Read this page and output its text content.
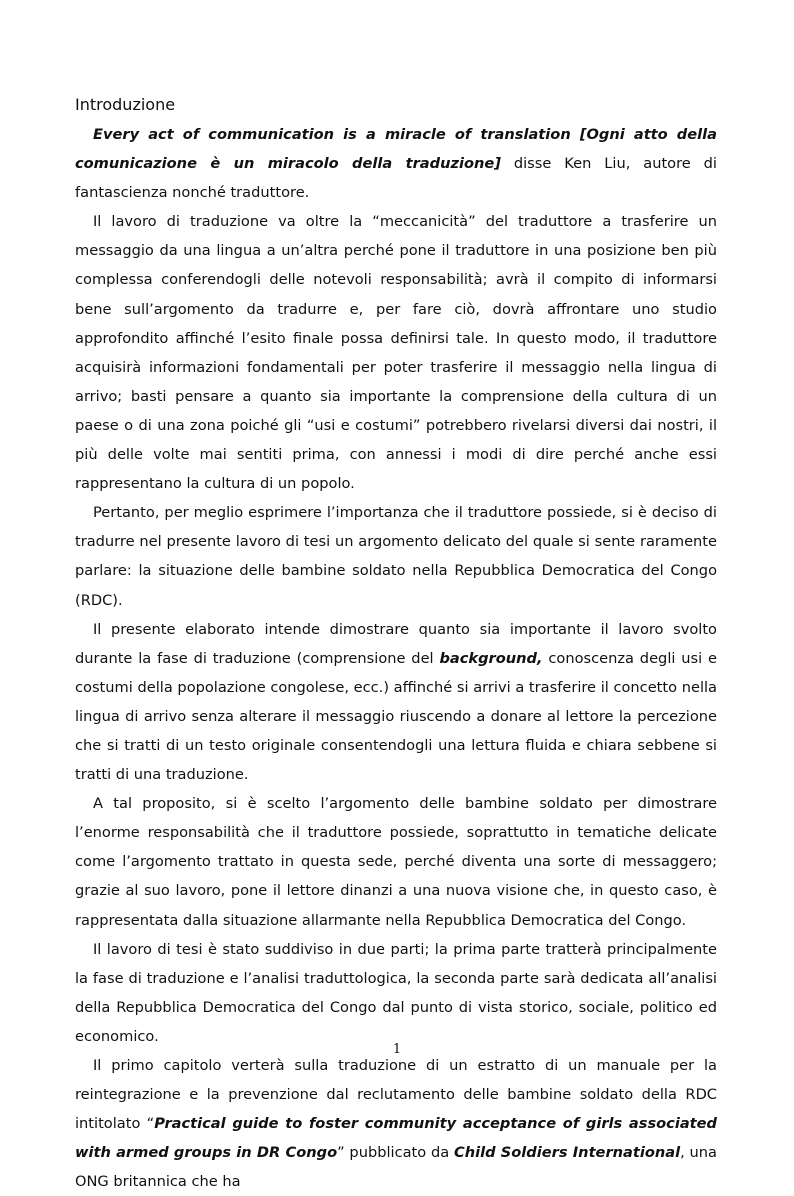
Introduzione

Every act of communication is a miracle of translation [Ogni atto della comunicazione è un miracolo della traduzione] disse Ken Liu, autore di fantascienza nonché traduttore.

Il lavoro di traduzione va oltre la “meccanicità” del traduttore a trasferire un messaggio da una lingua a un’altra perché pone il traduttore in una posizione ben più complessa conferendogli delle notevoli responsabilità; avrà il compito di informarsi bene sull’argomento da tradurre e, per fare ciò, dovrà affrontare uno studio approfondito affinché l’esito finale possa definirsi tale. In questo modo, il traduttore acquisirà informazioni fondamentali per poter trasferire il messaggio nella lingua di arrivo; basti pensare a quanto sia importante la comprensione della cultura di un paese o di una zona poiché gli “usi e costumi” potrebbero rivelarsi diversi dai nostri, il più delle volte mai sentiti prima, con annessi i modi di dire perché anche essi rappresentano la cultura di un popolo.

Pertanto, per meglio esprimere l’importanza che il traduttore possiede, si è deciso di tradurre nel presente lavoro di tesi un argomento delicato del quale si sente raramente parlare: la situazione delle bambine soldato nella Repubblica Democratica del Congo (RDC).

Il presente elaborato intende dimostrare quanto sia importante il lavoro svolto durante la fase di traduzione (comprensione del background, conoscenza degli usi e costumi della popolazione congolese, ecc.) affinché si arrivi a trasferire il concetto nella lingua di arrivo senza alterare il messaggio riuscendo a donare al lettore la percezione che si tratti di un testo originale consentendogli una lettura fluida e chiara sebbene si tratti di una traduzione.

A tal proposito, si è scelto l’argomento delle bambine soldato per dimostrare l’enorme responsabilità che il traduttore possiede, soprattutto in tematiche delicate come l’argomento trattato in questa sede, perché diventa una sorte di messaggero; grazie al suo lavoro, pone il lettore dinanzi a una nuova visione che, in questo caso, è rappresentata dalla situazione allarmante nella Repubblica Democratica del Congo.

Il lavoro di tesi è stato suddiviso in due parti; la prima parte tratterà principalmente la fase di traduzione e l’analisi traduttologica, la seconda parte sarà dedicata all’analisi della Repubblica Democratica del Congo dal punto di vista storico, sociale, politico ed economico.

Il primo capitolo verterà sulla traduzione di un estratto di un manuale per la reintegrazione e la prevenzione dal reclutamento delle bambine soldato della RDC intitolato “Practical guide to foster community acceptance of girls associated with armed groups in DR Congo” pubblicato da Child Soldiers International, una ONG britannica che ha

1
